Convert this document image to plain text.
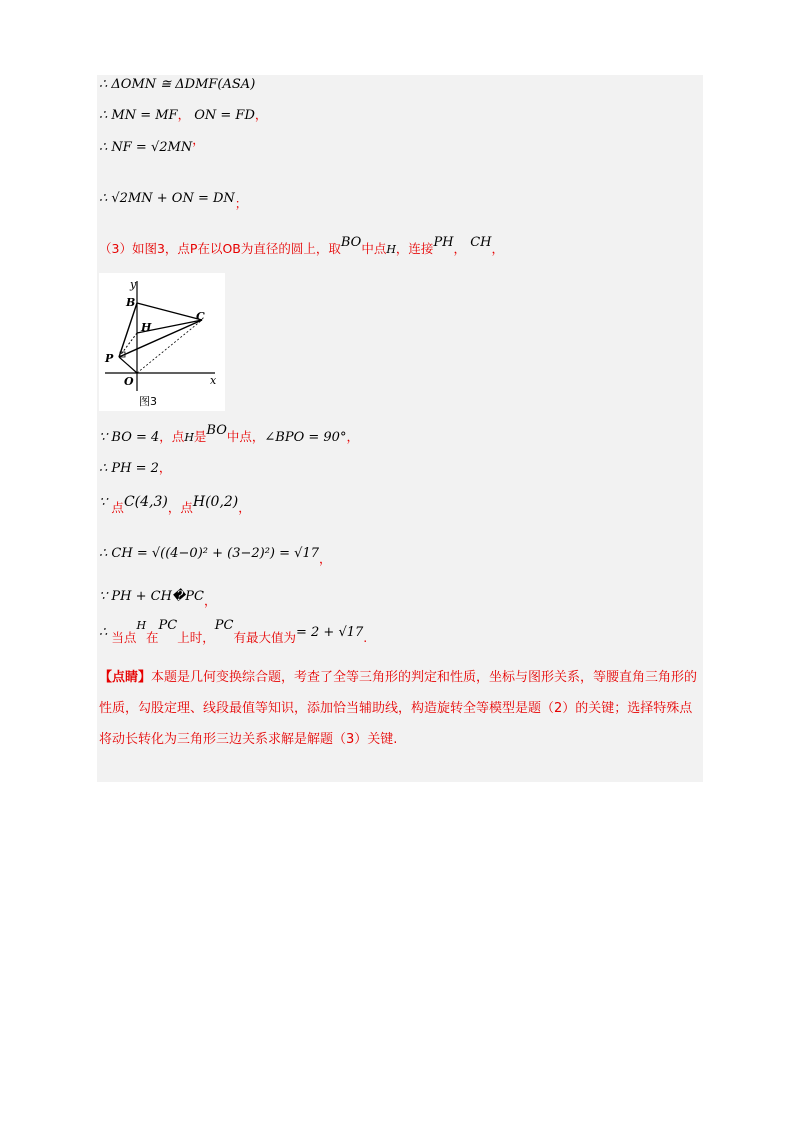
∴ ΔOMN ≅ ΔDMF(ASA)
∴ MN = MF， ON = FD，
∴ NF = √2MN，
∴ √2MN + ON = DN；
（3）如图3，点P在以OB为直径的圆上，取BO中点H，连接PH， CH，
y
B
H
C
P
O	x
图3
∵ BO = 4，点H是BO中点，∠BPO = 90°，
∴ PH = 2，
∵ 点C(4,3)，点H(0,2)，
∴ CH = √((4−0)² + (3−2)²) = √17，
∵ PH + CH�PC，
∴ 当点$^H$在PC上时，PC有最大值为= 2 + √17.
【点睛】本题是几何变换综合题，考查了全等三角形的判定和性质，坐标与图形关系，等腰直角三角形的性质，勾股定理、线段最值等知识，添加恰当辅助线，构造旋转全等模型是题（2）的关键；选择特殊点将动长转化为三角形三边关系求解是解题（3）关键.
